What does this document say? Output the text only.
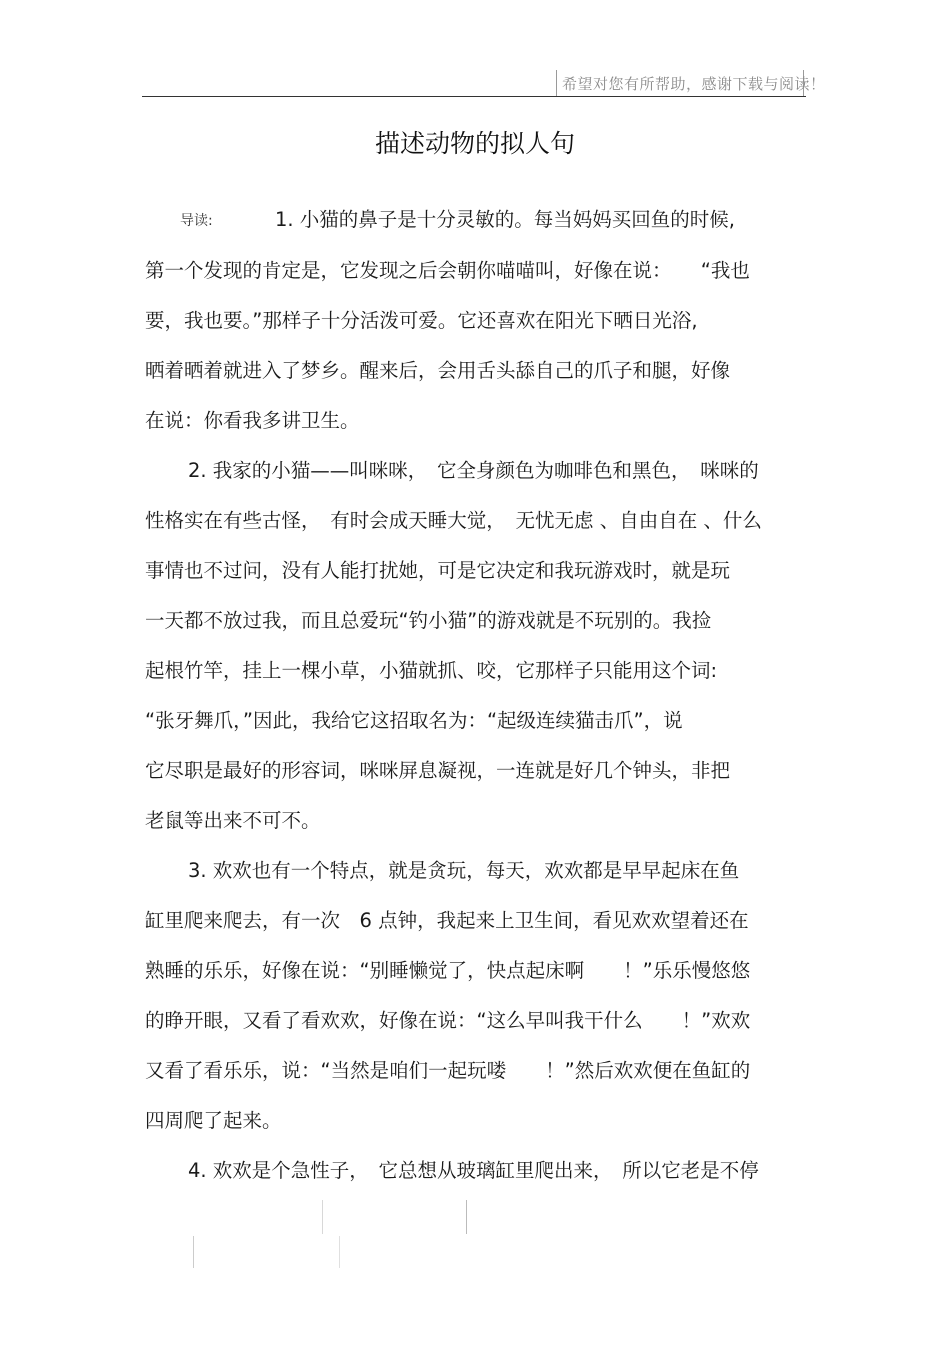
希望对您有所帮助，感谢下载与阅读！
描述动物的拟人句
导读:	1. 小猫的鼻子是十分灵敏的。每当妈妈买回鱼的时候,
第一个发现的肯定是，它发现之后会朝你喵喵叫，好像在说：　　“我也
要，我也要。”那样子十分活泼可爱。它还喜欢在阳光下晒日光浴,
晒着晒着就进入了梦乡。醒来后，会用舌头舔自己的爪子和腿，好像
在说：你看我多讲卫生。
2. 我家的小猫——叫咪咪，　它全身颜色为咖啡色和黑色，　咪咪的
性格实在有些古怪，　有时会成天睡大觉，　无忧无虑 、自由自在 、什么
事情也不过问，没有人能打扰她，可是它决定和我玩游戏时，就是玩
一天都不放过我，而且总爱玩“钓小猫”的游戏就是不玩别的。我捡
起根竹竿，挂上一棵小草，小猫就抓、咬，它那样子只能用这个词:
“张牙舞爪，”因此，我给它这招取名为：“起级连续猫击爪”，说
它尽职是最好的形容词，咪咪屏息凝视，一连就是好几个钟头，非把
老鼠等出来不可不。
3. 欢欢也有一个特点，就是贪玩，每天，欢欢都是早早起床在鱼
缸里爬来爬去，有一次　6 点钟，我起来上卫生间，看见欢欢望着还在
熟睡的乐乐，好像在说：“别睡懒觉了，快点起床啊　　！”乐乐慢悠悠
的睁开眼，又看了看欢欢，好像在说：“这么早叫我干什么　　！”欢欢
又看了看乐乐，说：“当然是咱们一起玩喽　　！”然后欢欢便在鱼缸的
四周爬了起来。
4. 欢欢是个急性子，　它总想从玻璃缸里爬出来，　所以它老是不停
